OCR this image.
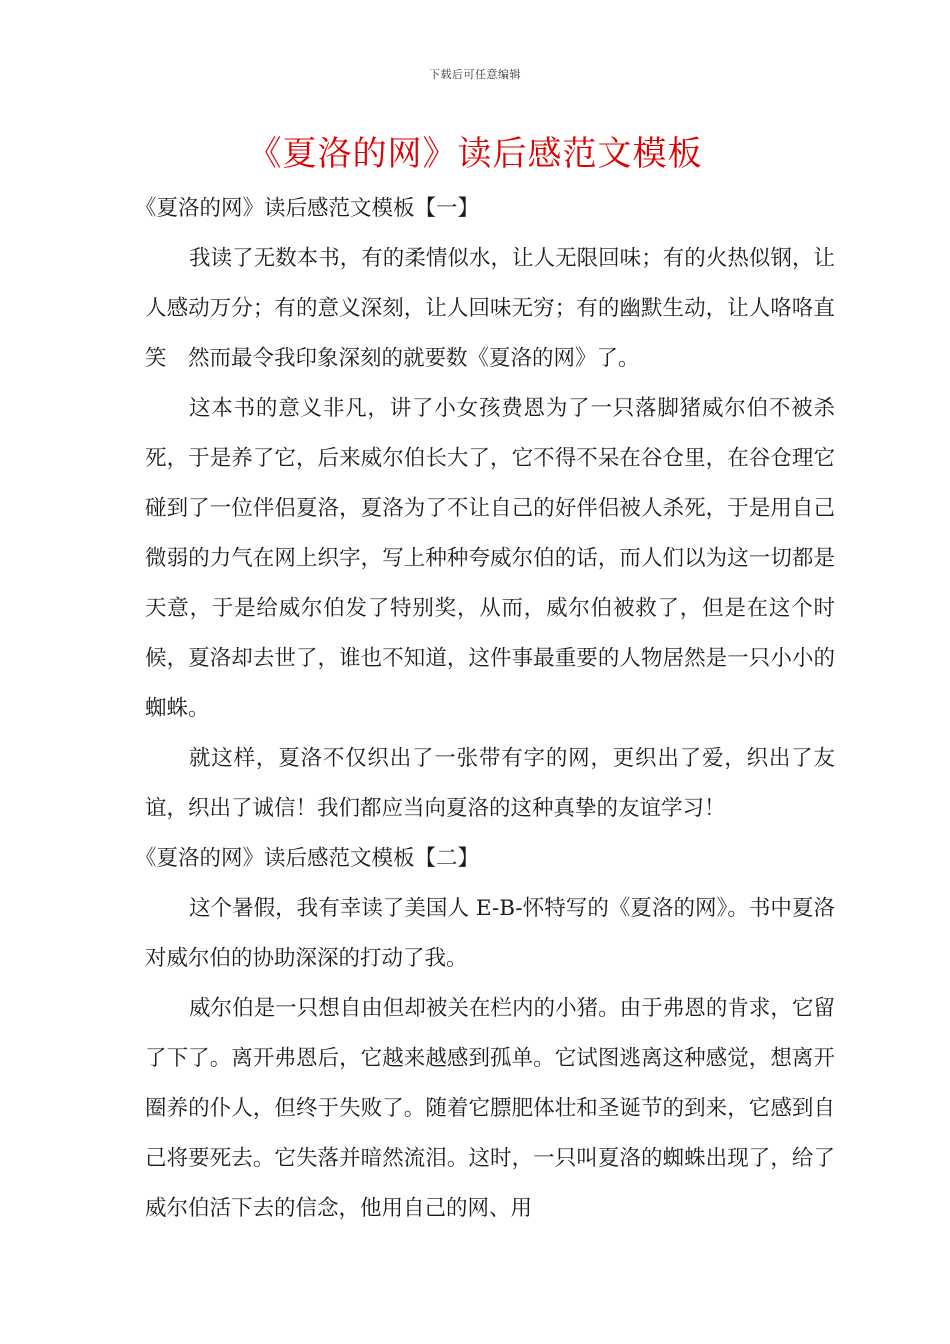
下载后可任意编辑
《夏洛的网》读后感范文模板

《夏洛的网》读后感范文模板【一】

我读了无数本书，有的柔情似水，让人无限回味；有的火热似钢，让人感动万分；有的意义深刻，让人回味无穷；有的幽默生动，让人咯咯直笑　然而最令我印象深刻的就要数《夏洛的网》了。

这本书的意义非凡，讲了小女孩费恩为了一只落脚猪威尔伯不被杀死，于是养了它，后来威尔伯长大了，它不得不呆在谷仓里，在谷仓理它碰到了一位伴侣夏洛，夏洛为了不让自己的好伴侣被人杀死，于是用自己微弱的力气在网上织字，写上种种夸威尔伯的话，而人们以为这一切都是天意，于是给威尔伯发了特别奖，从而，威尔伯被救了，但是在这个时候，夏洛却去世了，谁也不知道，这件事最重要的人物居然是一只小小的蜘蛛。

就这样，夏洛不仅织出了一张带有字的网，更织出了爱，织出了友谊，织出了诚信！我们都应当向夏洛的这种真挚的友谊学习！

《夏洛的网》读后感范文模板【二】

这个暑假，我有幸读了美国人 E-B-怀特写的《夏洛的网》。书中夏洛对威尔伯的协助深深的打动了我。

威尔伯是一只想自由但却被关在栏内的小猪。由于弗恩的肯求，它留了下了。离开弗恩后，它越来越感到孤单。它试图逃离这种感觉，想离开圈养的仆人，但终于失败了。随着它膘肥体壮和圣诞节的到来，它感到自己将要死去。它失落并暗然流泪。这时，一只叫夏洛的蜘蛛出现了，给了威尔伯活下去的信念，他用自己的网、用
